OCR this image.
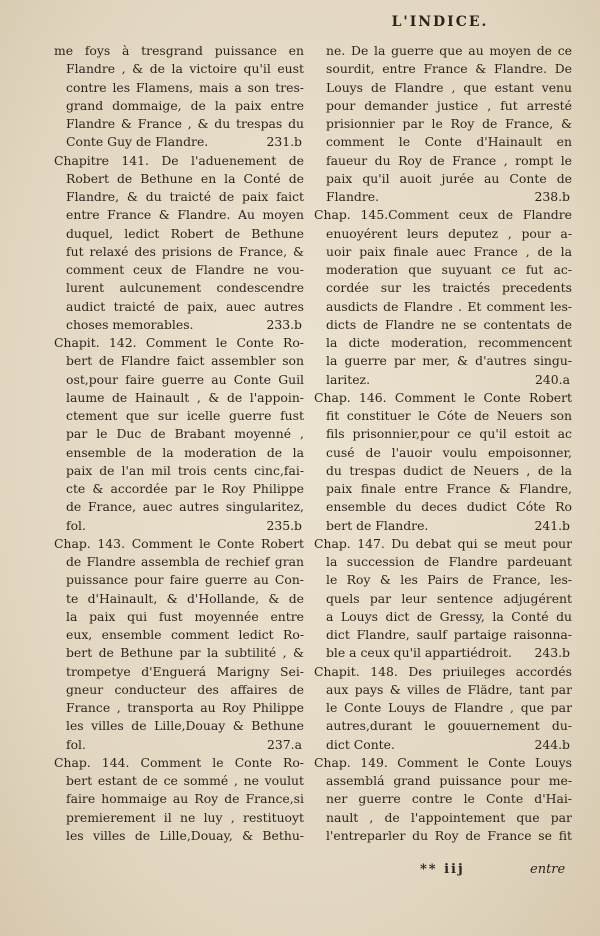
L'INDICE.
me foys à tresgrand puissance en
Flandre , & de la victoire qu'il eust
contre les Flamens, mais a son tres-
grand dommaige, de la paix entre
Flandre & France , & du trespas du
Conte Guy de Flandre.	231.b
Chapitre 141. De l'aduenement de
Robert de Bethune en la Conté de
Flandre, & du traicté de paix faict
entre France & Flandre. Au moyen
duquel, ledict Robert de Bethune
fut relaxé des prisions de France, &
comment ceux de Flandre ne vou-
lurent aulcunement condescendre
audict traicté de paix, auec autres
choses memorables.	233.b
Chapit. 142. Comment le Conte Ro-
bert de Flandre faict assembler son
ost,pour faire guerre au Conte Guil
laume de Hainault , & de l'appoin-
ctement que sur icelle guerre fust
par le Duc de Brabant moyenné ,
ensemble de la moderation de la
paix de l'an mil trois cents cinc,fai-
cte & accordée par le Roy Philippe
de France, auec autres singularitez,
fol.	235.b
Chap. 143. Comment le Conte Robert
de Flandre assembla de rechief gran
puissance pour faire guerre au Con-
te d'Hainault, & d'Hollande, & de
la paix qui fust moyennée entre
eux, ensemble comment ledict Ro-
bert de Bethune par la subtilité , &
trompetye d'Enguerá Marigny Sei-
gneur conducteur des affaires de
France , transporta au Roy Philippe
les villes de Lille,Douay & Bethune
fol.	237.a
Chap. 144. Comment le Conte Ro-
bert estant de ce sommé , ne voulut
faire hommaige au Roy de France,si
premierement il ne luy , restituoyt
les villes de Lille,Douay, & Bethu-
ne. De la guerre que au moyen de ce
sourdit, entre France & Flandre. De
Louys de Flandre , que estant venu
pour demander justice , fut arresté
prisionnier par le Roy de France, &
comment le Conte d'Hainault en
faueur du Roy de France , rompt le
paix qu'il auoit jurée au Conte de
Flandre.	238.b
Chap. 145.Comment ceux de Flandre
enuoyérent leurs deputez , pour a-
uoir paix finale auec France , de la
moderation que suyuant ce fut ac-
cordée sur les traictés precedents
ausdicts de Flandre . Et comment les-
dicts de Flandre ne se contentats de
la dicte moderation, recommencent
la guerre par mer, & d'autres singu-
laritez.	240.a
Chap. 146. Comment le Conte Robert
fit constituer le Cóte de Neuers son
fils prisonnier,pour ce qu'il estoit ac
cusé de l'auoir voulu empoisonner,
du trespas dudict de Neuers , de la
paix finale entre France & Flandre,
ensemble du deces dudict Cóte Ro
bert de Flandre.	241.b
Chap. 147. Du debat qui se meut pour
la succession de Flandre pardeuant
le Roy & les Pairs de France, les-
quels par leur sentence adjugérent
a Louys dict de Gressy, la Conté du
dict Flandre, saulf partaige raisonna-
ble a ceux qu'il appartiédroit. 243.b
Chapit. 148. Des priuileges accordés
aux pays & villes de Flädre, tant par
le Conte Louys de Flandre , que par
autres,durant le gouuernement du-
dict Conte.	244.b
Chap. 149. Comment le Conte Louys
assemblá grand puissance pour me-
ner guerre contre le Conte d'Hai-
nault , de l'appointement que par
l'entreparler du Roy de France se fit
** iij	entre
